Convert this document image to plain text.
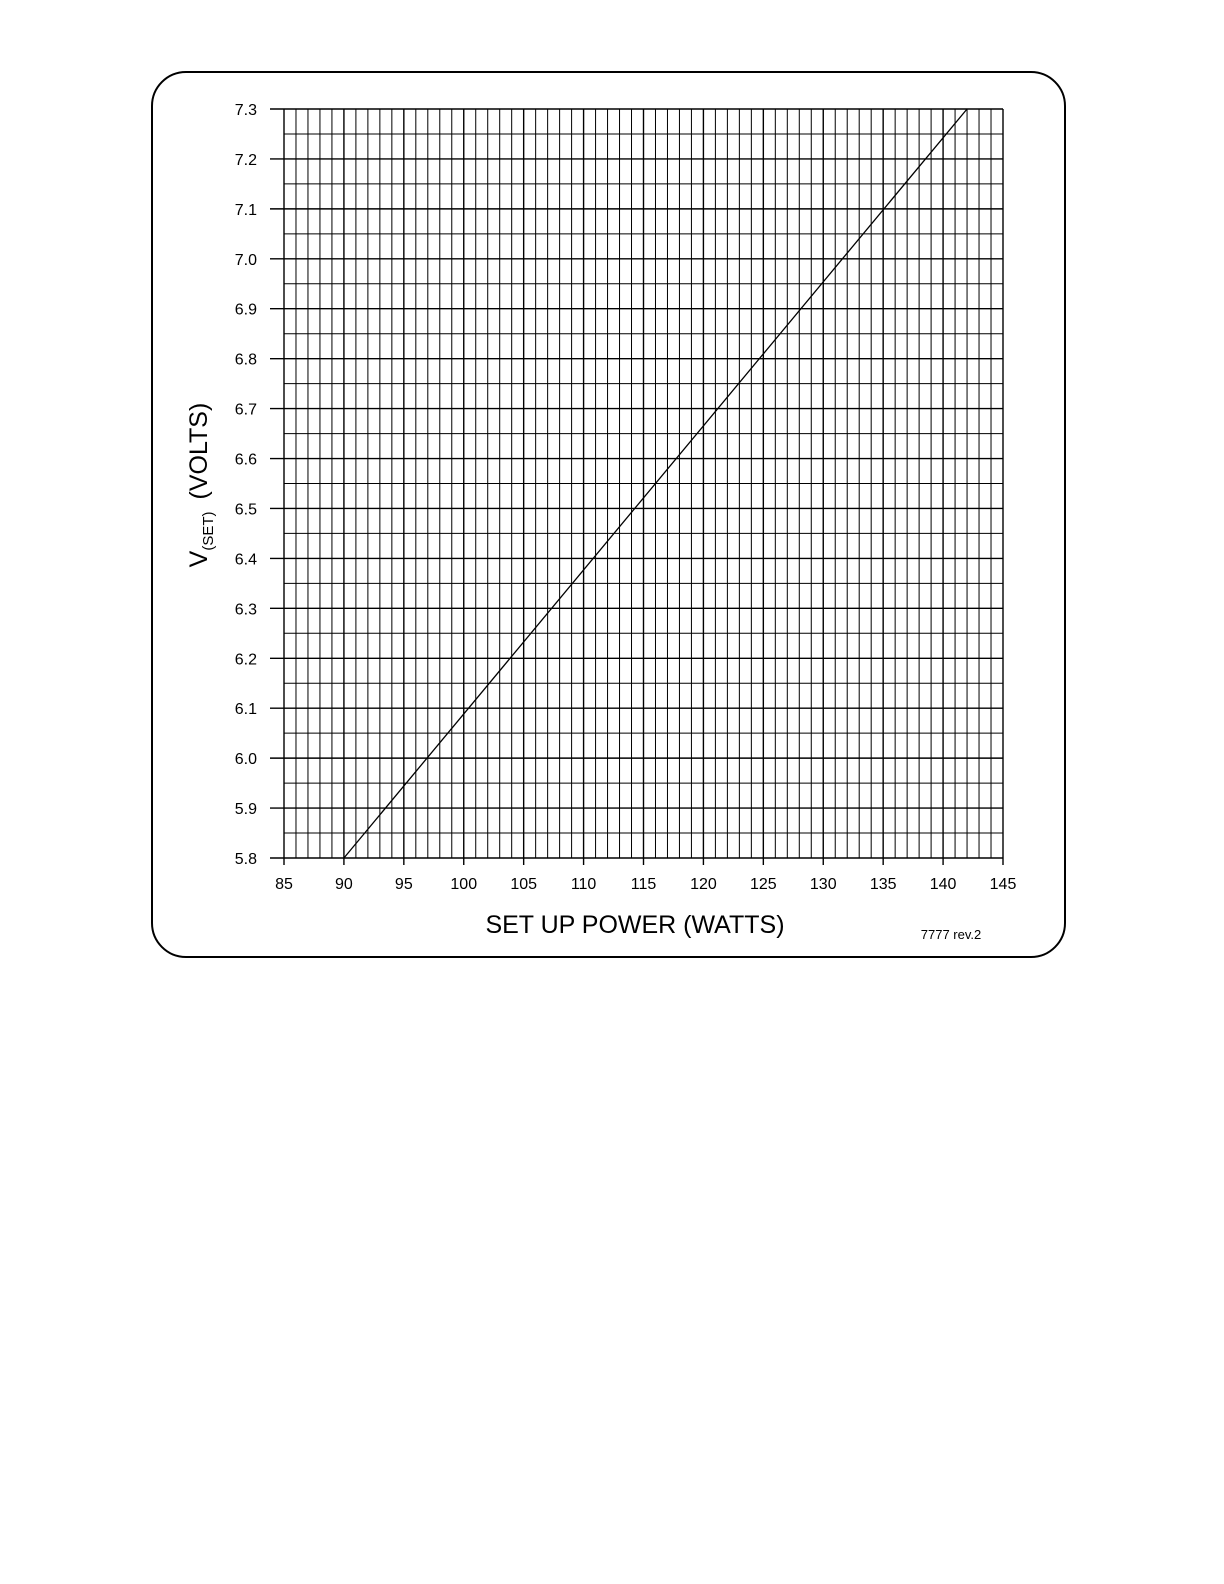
5.8
5.9
6.0
6.1
6.2
6.3
6.4
6.5
6.6
6.7
6.8
6.9
7.0
7.1
7.2
7.3
85	90	95 100 105 110 115 120 125 130 135 140 145
SET UP POWER (WATTS)
$V_{(SET)}(VOLTS)$
7777 rev.2
